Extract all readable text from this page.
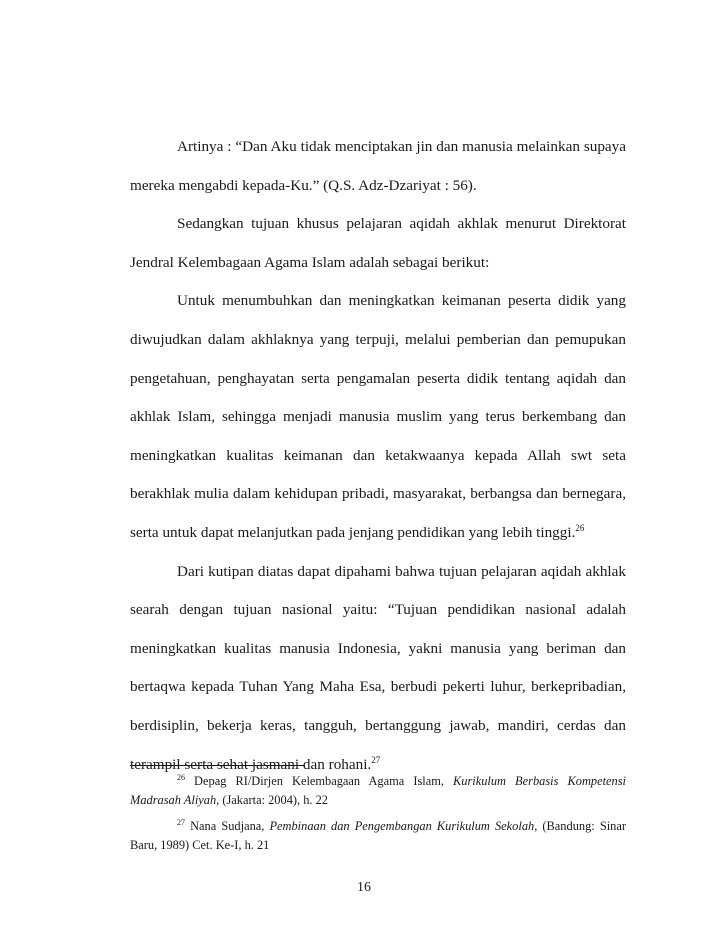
Artinya : “Dan Aku tidak menciptakan jin dan manusia melainkan supaya mereka mengabdi kepada-Ku.” (Q.S. Adz-Dzariyat : 56).

Sedangkan tujuan khusus pelajaran aqidah akhlak menurut Direktorat Jendral Kelembagaan Agama Islam adalah sebagai berikut:

Untuk menumbuhkan dan meningkatkan keimanan peserta didik yang diwujudkan dalam akhlaknya yang terpuji, melalui pemberian dan pemupukan pengetahuan, penghayatan serta pengamalan peserta didik tentang aqidah dan akhlak Islam, sehingga menjadi manusia muslim yang terus berkembang dan meningkatkan kualitas keimanan dan ketakwaanya kepada Allah swt seta berakhlak mulia dalam kehidupan pribadi, masyarakat, berbangsa dan bernegara, serta untuk dapat melanjutkan pada jenjang pendidikan yang lebih tinggi.$^{26}$

Dari kutipan diatas dapat dipahami bahwa tujuan pelajaran aqidah akhlak searah dengan tujuan nasional yaitu: “Tujuan pendidikan nasional adalah meningkatkan kualitas manusia Indonesia, yakni manusia yang beriman dan bertaqwa kepada Tuhan Yang Maha Esa, berbudi pekerti luhur, berkepribadian, berdisiplin, bekerja keras, tangguh, bertanggung jawab, mandiri, cerdas dan terampil serta sehat jasmani dan rohani.$^{27}$

$^{26}$ Depag RI/Dirjen Kelembagaan Agama Islam, Kurikulum Berbasis Kompetensi Madrasah Aliyah, (Jakarta: 2004), h. 22

$^{27}$ Nana Sudjana, Pembinaan dan Pengembangan Kurikulum Sekolah, (Bandung: Sinar Baru, 1989) Cet. Ke-I, h. 21

16
